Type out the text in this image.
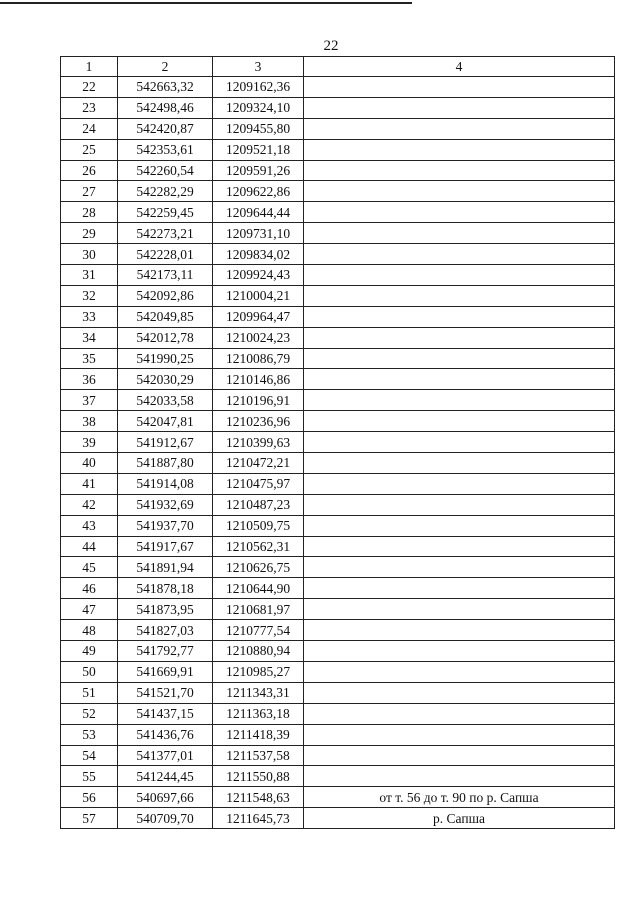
22
1	2	3	4
22	542663,32	1209162,36	
23	542498,46	1209324,10	
24	542420,87	1209455,80	
25	542353,61	1209521,18	
26	542260,54	1209591,26	
27	542282,29	1209622,86	
28	542259,45	1209644,44	
29	542273,21	1209731,10	
30	542228,01	1209834,02	
31	542173,11	1209924,43	
32	542092,86	1210004,21	
33	542049,85	1209964,47	
34	542012,78	1210024,23	
35	541990,25	1210086,79	
36	542030,29	1210146,86	
37	542033,58	1210196,91	
38	542047,81	1210236,96	
39	541912,67	1210399,63	
40	541887,80	1210472,21	
41	541914,08	1210475,97	
42	541932,69	1210487,23	
43	541937,70	1210509,75	
44	541917,67	1210562,31	
45	541891,94	1210626,75	
46	541878,18	1210644,90	
47	541873,95	1210681,97	
48	541827,03	1210777,54	
49	541792,77	1210880,94	
50	541669,91	1210985,27	
51	541521,70	1211343,31	
52	541437,15	1211363,18	
53	541436,76	1211418,39	
54	541377,01	1211537,58	
55	541244,45	1211550,88	
56	540697,66	1211548,63	от т. 56 до т. 90 по р. Сапша
57	540709,70	1211645,73	р. Сапша
